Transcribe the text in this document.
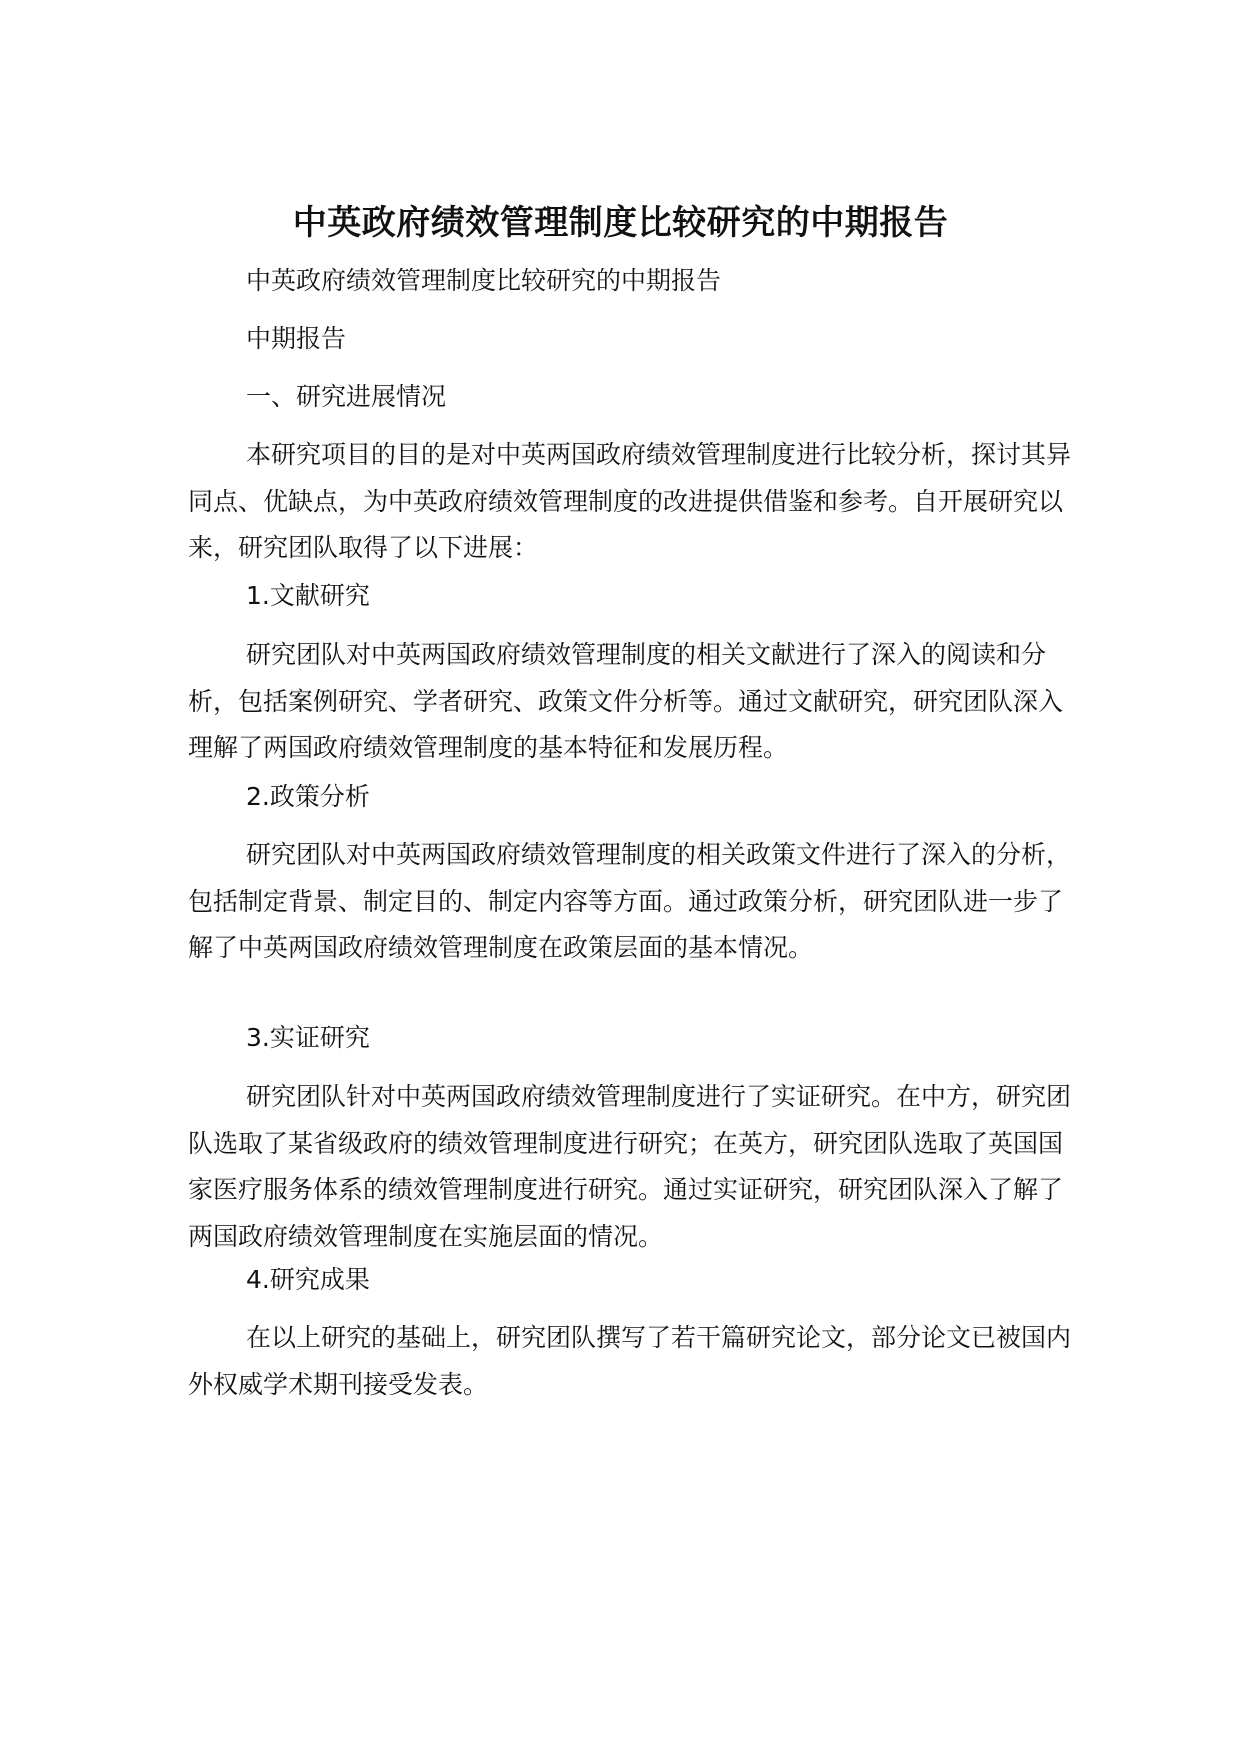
中英政府绩效管理制度比较研究的中期报告

中英政府绩效管理制度比较研究的中期报告

中期报告

一、研究进展情况

本研究项目的目的是对中英两国政府绩效管理制度进行比较分析，探讨其异同点、优缺点，为中英政府绩效管理制度的改进提供借鉴和参考。自开展研究以来，研究团队取得了以下进展：

1.文献研究

研究团队对中英两国政府绩效管理制度的相关文献进行了深入的阅读和分析，包括案例研究、学者研究、政策文件分析等。通过文献研究，研究团队深入理解了两国政府绩效管理制度的基本特征和发展历程。

2.政策分析

研究团队对中英两国政府绩效管理制度的相关政策文件进行了深入的分析，包括制定背景、制定目的、制定内容等方面。通过政策分析，研究团队进一步了解了中英两国政府绩效管理制度在政策层面的基本情况。

3.实证研究

研究团队针对中英两国政府绩效管理制度进行了实证研究。在中方，研究团队选取了某省级政府的绩效管理制度进行研究；在英方，研究团队选取了英国国家医疗服务体系的绩效管理制度进行研究。通过实证研究，研究团队深入了解了两国政府绩效管理制度在实施层面的情况。

4.研究成果

在以上研究的基础上，研究团队撰写了若干篇研究论文，部分论文已被国内外权威学术期刊接受发表。
